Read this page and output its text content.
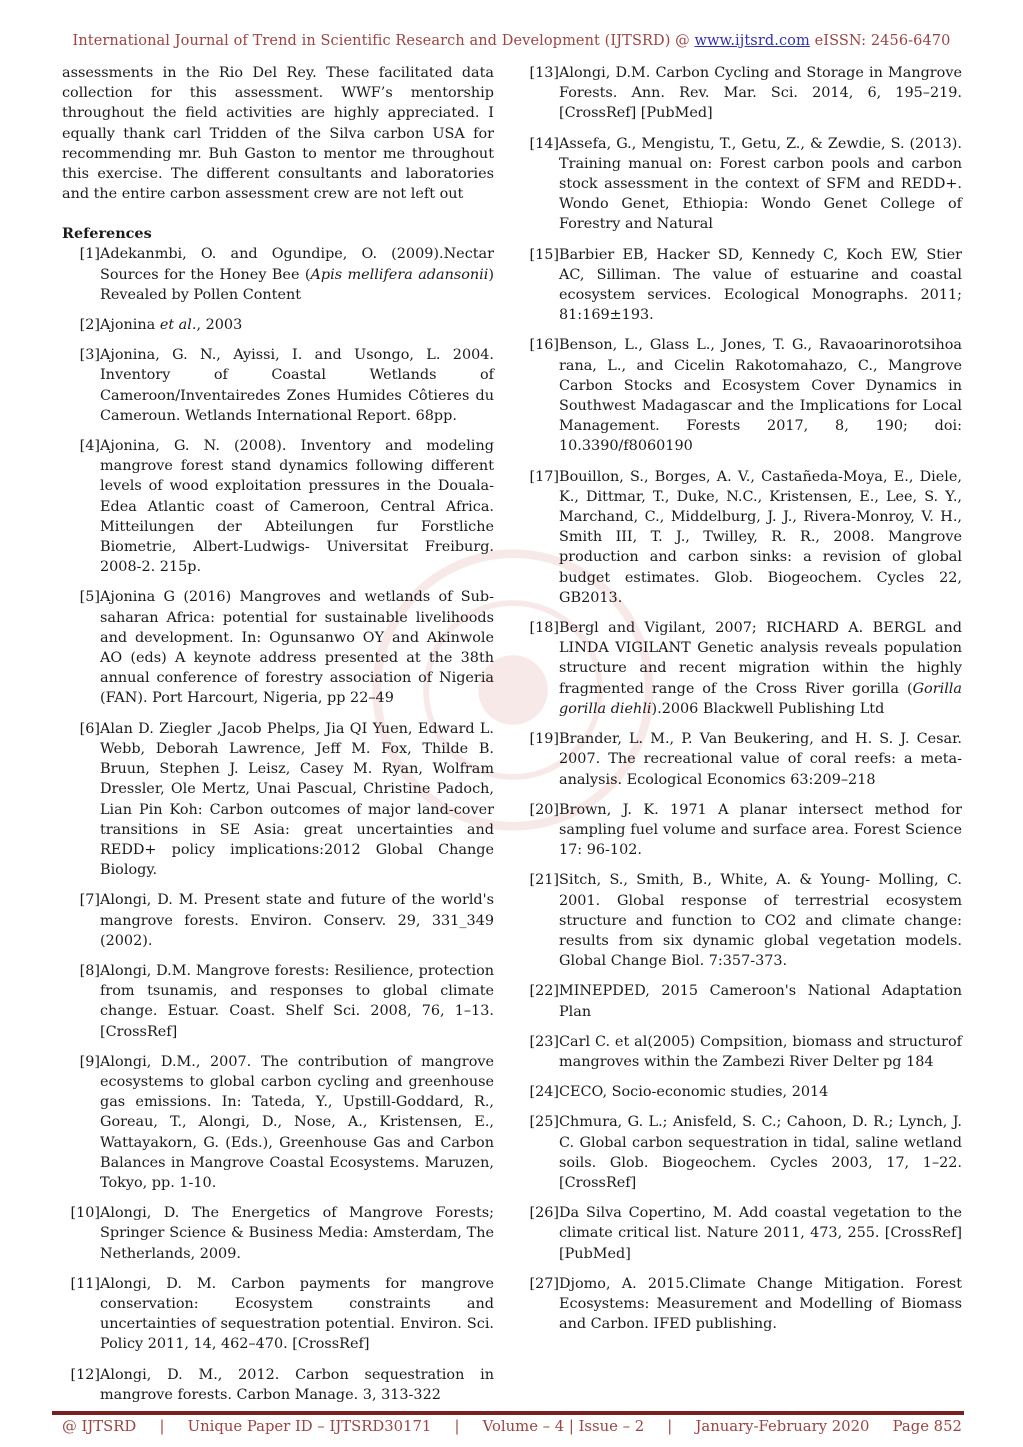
International Journal of Trend in Scientific Research and Development (IJTSRD) @ www.ijtsrd.com eISSN: 2456-6470

assessments in the Rio Del Rey. These facilitated data collection for this assessment. WWF’s mentorship throughout the field activities are highly appreciated. I equally thank carl Tridden of the Silva carbon USA for recommending mr. Buh Gaston to mentor me throughout this exercise. The different consultants and laboratories and the entire carbon assessment crew are not left out

References

[1] Adekanmbi, O. and Ogundipe, O. (2009).Nectar Sources for the Honey Bee (Apis mellifera adansonii) Revealed by Pollen Content
[2] Ajonina et al., 2003
[3] Ajonina, G. N., Ayissi, I. and Usongo, L. 2004. Inventory of Coastal Wetlands of Cameroon/Inventairedes Zones Humides Côtieres du Cameroun. Wetlands International Report. 68pp.
[4] Ajonina, G. N. (2008). Inventory and modeling mangrove forest stand dynamics following different levels of wood exploitation pressures in the Douala-Edea Atlantic coast of Cameroon, Central Africa. Mitteilungen der Abteilungen fur Forstliche Biometrie, Albert-Ludwigs- Universitat Freiburg. 2008-2. 215p.
[5] Ajonina G (2016) Mangroves and wetlands of Sub-saharan Africa: potential for sustainable livelihoods and development. In: Ogunsanwo OY and Akinwole AO (eds) A keynote address presented at the 38th annual conference of forestry association of Nigeria (FAN). Port Harcourt, Nigeria, pp 22–49
[6] Alan D. Ziegler ,Jacob Phelps, Jia QI Yuen, Edward L. Webb, Deborah Lawrence, Jeff M. Fox, Thilde B. Bruun, Stephen J. Leisz, Casey M. Ryan, Wolfram Dressler, Ole Mertz, Unai Pascual, Christine Padoch, Lian Pin Koh: Carbon outcomes of major land-cover transitions in SE Asia: great uncertainties and REDD+ policy implications:2012 Global Change Biology.
[7] Alongi, D. M. Present state and future of the world's mangrove forests. Environ. Conserv. 29, 331_349 (2002).
[8] Alongi, D.M. Mangrove forests: Resilience, protection from tsunamis, and responses to global climate change. Estuar. Coast. Shelf Sci. 2008, 76, 1–13. [CrossRef]
[9] Alongi, D.M., 2007. The contribution of mangrove ecosystems to global carbon cycling and greenhouse gas emissions. In: Tateda, Y., Upstill-Goddard, R., Goreau, T., Alongi, D., Nose, A., Kristensen, E., Wattayakorn, G. (Eds.), Greenhouse Gas and Carbon Balances in Mangrove Coastal Ecosystems. Maruzen, Tokyo, pp. 1-10.
[10] Alongi, D. The Energetics of Mangrove Forests; Springer Science & Business Media: Amsterdam, The Netherlands, 2009.
[11] Alongi, D. M. Carbon payments for mangrove conservation: Ecosystem constraints and uncertainties of sequestration potential. Environ. Sci. Policy 2011, 14, 462–470. [CrossRef]
[12] Alongi, D. M., 2012. Carbon sequestration in mangrove forests. Carbon Manage. 3, 313-322
[13] Alongi, D.M. Carbon Cycling and Storage in Mangrove Forests. Ann. Rev. Mar. Sci. 2014, 6, 195–219. [CrossRef] [PubMed]
[14] Assefa, G., Mengistu, T., Getu, Z., & Zewdie, S. (2013). Training manual on: Forest carbon pools and carbon stock assessment in the context of SFM and REDD+. Wondo Genet, Ethiopia: Wondo Genet College of Forestry and Natural
[15] Barbier EB, Hacker SD, Kennedy C, Koch EW, Stier AC, Silliman. The value of estuarine and coastal ecosystem services. Ecological Monographs. 2011; 81:169±193.
[16] Benson, L., Glass L., Jones, T. G., Ravaoarinorotsihoa rana, L., and Cicelin Rakotomahazo, C., Mangrove Carbon Stocks and Ecosystem Cover Dynamics in Southwest Madagascar and the Implications for Local Management. Forests 2017, 8, 190; doi: 10.3390/f8060190
[17] Bouillon, S., Borges, A. V., Castañeda-Moya, E., Diele, K., Dittmar, T., Duke, N.C., Kristensen, E., Lee, S. Y., Marchand, C., Middelburg, J. J., Rivera-Monroy, V. H., Smith III, T. J., Twilley, R. R., 2008. Mangrove production and carbon sinks: a revision of global budget estimates. Glob. Biogeochem. Cycles 22, GB2013.
[18] Bergl and Vigilant, 2007; RICHARD A. BERGL and LINDA VIGILANT Genetic analysis reveals population structure and recent migration within the highly fragmented range of the Cross River gorilla (Gorilla gorilla diehli).2006 Blackwell Publishing Ltd
[19] Brander, L. M., P. Van Beukering, and H. S. J. Cesar. 2007. The recreational value of coral reefs: a meta-analysis. Ecological Economics 63:209–218
[20] Brown, J. K. 1971 A planar intersect method for sampling fuel volume and surface area. Forest Science 17: 96-102.
[21] Sitch, S., Smith, B., White, A. & Young- Molling, C. 2001. Global response of terrestrial ecosystem structure and function to CO2 and climate change: results from six dynamic global vegetation models. Global Change Biol. 7:357-373.
[22] MINEPDED, 2015 Cameroon's National Adaptation Plan
[23] Carl C. et al(2005) Compsition, biomass and structurof mangroves within the Zambezi River Delter pg 184
[24] CECO, Socio-economic studies, 2014
[25] Chmura, G. L.; Anisfeld, S. C.; Cahoon, D. R.; Lynch, J. C. Global carbon sequestration in tidal, saline wetland soils. Glob. Biogeochem. Cycles 2003, 17, 1–22. [CrossRef]
[26] Da Silva Copertino, M. Add coastal vegetation to the climate critical list. Nature 2011, 473, 255. [CrossRef] [PubMed]
[27] Djomo, A. 2015.Climate Change Mitigation. Forest Ecosystems: Measurement and Modelling of Biomass and Carbon. IFED publishing.
@ IJTSRD | Unique Paper ID – IJTSRD30171 | Volume – 4 | Issue – 2 | January-February 2020 Page 852
